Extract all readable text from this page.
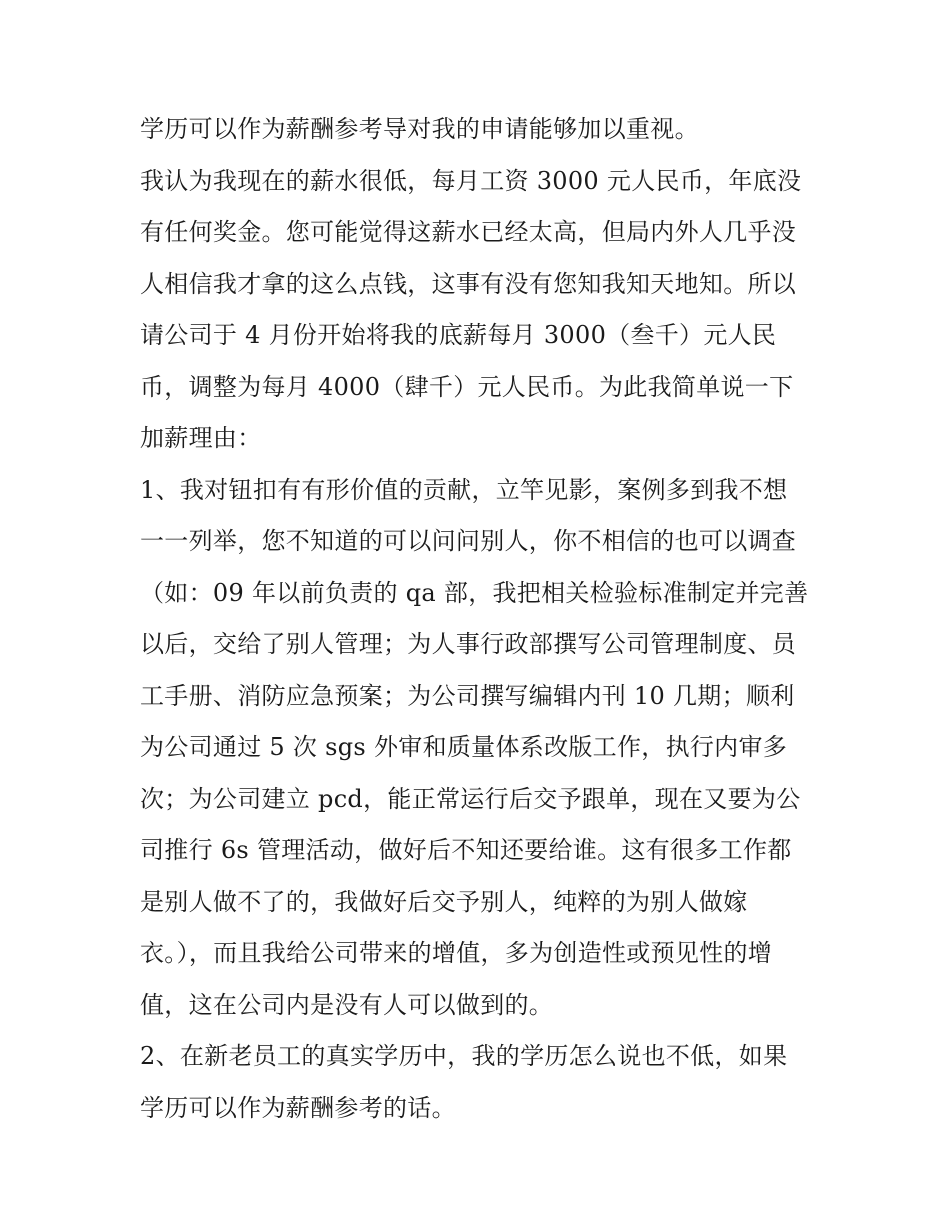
学历可以作为薪酬参考导对我的申请能够加以重视。
我认为我现在的薪水很低，每月工资 3000 元人民币，年底没
有任何奖金。您可能觉得这薪水已经太高，但局内外人几乎没
人相信我才拿的这么点钱，这事有没有您知我知天地知。所以
请公司于 4 月份开始将我的底薪每月 3000（叁千）元人民
币，调整为每月 4000（肆千）元人民币。为此我简单说一下
加薪理由：
1、我对钮扣有有形价值的贡献，立竿见影，案例多到我不想
一一列举，您不知道的可以问问别人，你不相信的也可以调查
（如：09 年以前负责的 qa 部，我把相关检验标准制定并完善
以后，交给了别人管理；为人事行政部撰写公司管理制度、员
工手册、消防应急预案；为公司撰写编辑内刊 10 几期；顺利
为公司通过 5 次 sgs 外审和质量体系改版工作，执行内审多
次；为公司建立 pcd，能正常运行后交予跟单，现在又要为公
司推行 6s 管理活动，做好后不知还要给谁。这有很多工作都
是别人做不了的，我做好后交予别人，纯粹的为别人做嫁
衣。），而且我给公司带来的增值，多为创造性或预见性的增
值，这在公司内是没有人可以做到的。
2、在新老员工的真实学历中，我的学历怎么说也不低，如果
学历可以作为薪酬参考的话。
